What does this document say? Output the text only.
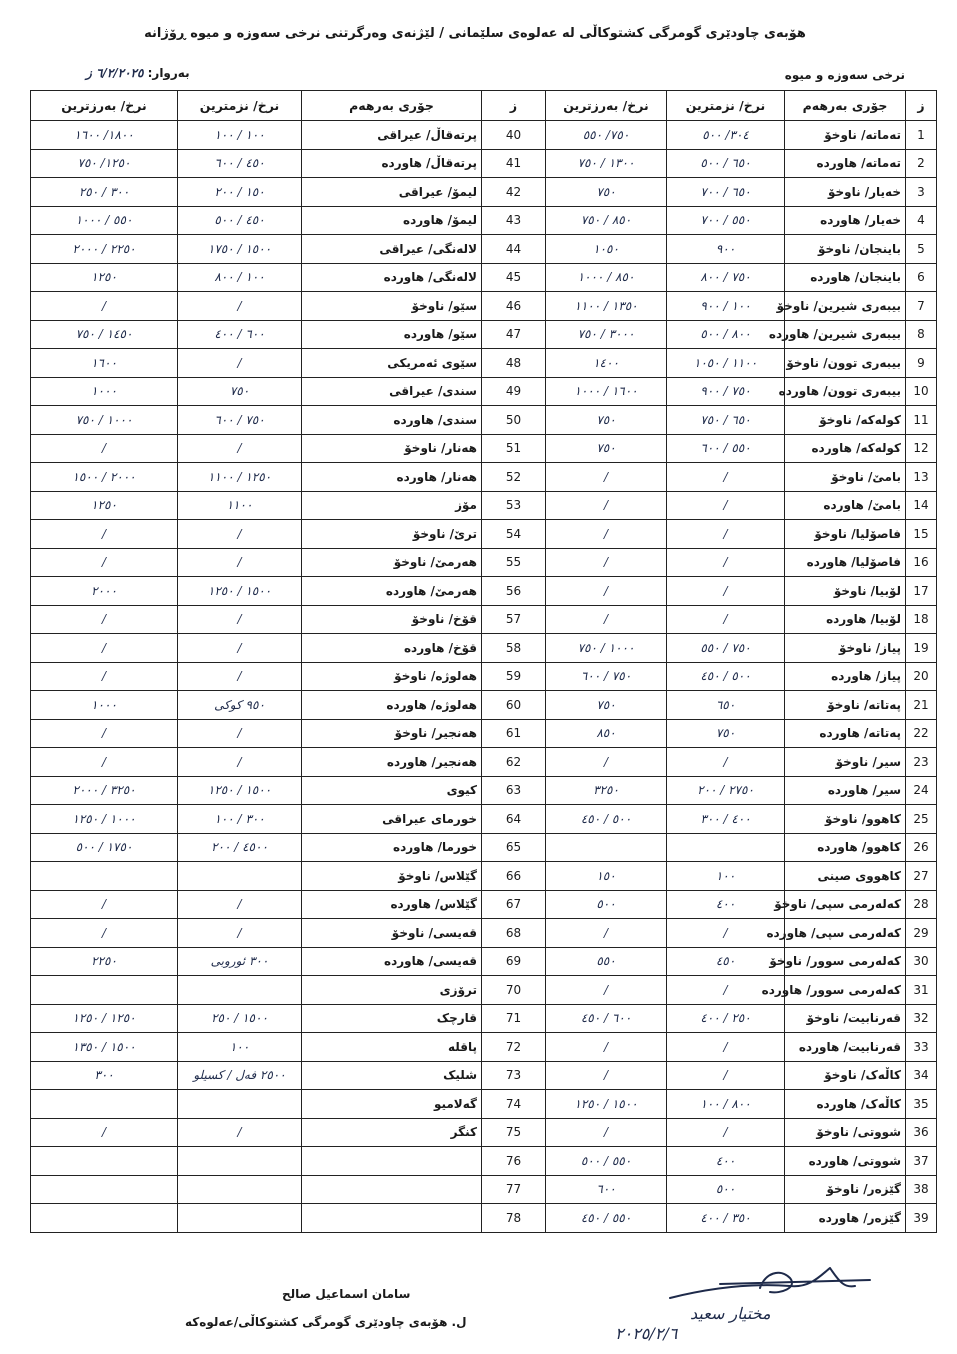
هۆبەی چاودێری گومرگی کشتوکاڵی لە عەلوەی سلێمانی / لێژنەی وەرگرتنی نرخی سەوزە و میوە ڕۆژانە
بەروار: ٦/٢/٢٠٢٥ ز	نرخی سەوزە و میوە
ز	جۆری بەرهەم	نرخ/ نزمترین	نرخ/ بەرزترین	ز	جۆری بەرهەم	نرخ/ نزمترین	نرخ/ بەرزترین
1	تەماتە/ ناوخۆ	٣٠٤/ ٥٠٠	٧٥٠/ ٥٥٠	40	پرتەقاڵ/ عیراقی	١٠٠ / ١٠٠	١٨٠٠/ ١٦٠٠
2	تەماتە/ هاوردە	٦٥٠ / ٥٠٠	١٣٠٠ / ٧٥٠	41	پرتەقاڵ/ هاوردە	٤٥٠ / ٦٠٠	١٢٥٠/ ٧٥٠
3	خەیار/ ناوخۆ	٦٥٠ / ٧٠٠	٧٥٠	42	لیمۆ/ عیراقی	١٥٠ / ٢٠٠	٣٠٠ / ٢٥٠
4	خەیار/ هاوردە	٥٥٠ / ٧٠٠	٨٥٠ / ٧٥٠	43	لیمۆ/ هاوردە	٤٥٠ / ٥٠٠	٥٥٠ / ١٠٠٠
5	باینجان/ ناوخۆ	٩٠٠	١٠٥٠	44	لالەنگی/ عیراقی	١٥٠٠ / ١٧٥٠	٢٢٥٠ / ٢٠٠٠
6	باینجان/ هاوردە	٧٥٠ / ٨٠٠	٨٥٠ / ١٠٠٠	45	لالەنگی/ هاوردە	١٠٠ / ٨٠٠	١٢٥٠
7	بیبەری شیرین/ ناوخۆ	١٠٠ / ٩٠٠	١٣٥٠ / ١١٠٠	46	سێو/ ناوخۆ	/	/
8	بیبەری شیرین/ هاوردە	٨٠٠ / ٥٠٠	٣٠٠٠ / ٧٥٠	47	سێو/ هاوردە	٦٠٠ / ٤٠٠	١٤٥٠ / ٧٥٠
9	بیبەری توون/ ناوخۆ	١١٠٠ / ١٠٥٠	١٤٠٠	48	سێوی ئەمریکی	/	١٦٠٠
10	بیبەری توون/ هاوردە	٧٥٠ / ٩٠٠	١٦٠٠ / ١٠٠٠	49	سندی/ عیراقی	٧٥٠	١٠٠٠
11	کولەکە/ ناوخۆ	٦٥٠ / ٧٥٠	٧٥٠	50	سندی/ هاوردە	٧٥٠ / ٦٠٠	١٠٠٠ / ٧٥٠
12	کولەکە/ هاوردە	٥٥٠ / ٦٠٠	٧٥٠	51	هەنار/ ناوخۆ	/	/
13	بامێ/ ناوخۆ	/	/	52	هەنار/ هاوردە	١٢٥٠ / ١١٠٠	٢٠٠٠ / ١٥٠٠
14	بامێ/ هاوردە	/	/	53	مۆز	١١٠٠	١٢٥٠
15	فاصۆلیا/ ناوخۆ	/	/	54	ترێ/ ناوخۆ	/	/
16	فاصۆلیا/ هاوردە	/	/	55	هەرمێ/ ناوخۆ	/	/
17	لۆبیا/ ناوخۆ	/	/	56	هەرمێ/ هاوردە	١٥٠٠ / ١٢٥٠	٢٠٠٠
18	لۆبیا/ هاوردە	/	/	57	قۆخ/ ناوخۆ	/	/
19	پیاز/ ناوخۆ	٧٥٠ / ٥٥٠	١٠٠٠ / ٧٥٠	58	قۆخ/ هاوردە	/	/
20	پیاز/ هاوردە	٥٠٠ / ٤٥٠	٧٥٠ / ٦٠٠	59	هەلوژە/ ناوخۆ	/	/
21	پەتاتە/ ناوخۆ	٦٥٠	٧٥٠	60	هەلوژە/ هاوردە	٩٥٠ کوکی	١٠٠٠
22	پەتاتە/ هاوردە	٧٥٠	٨٥٠	61	هەنجیر/ ناوخۆ	/	/
23	سیر/ ناوخۆ	/	/	62	هەنجیر/ هاوردە	/	/
24	سیر/ هاوردە	٢٧٥٠ / ٢٠٠	٣٢٥٠	63	کیوی	١٥٠٠ / ١٢٥٠	٣٢٥٠ / ٢٠٠٠
25	کاهوو/ ناوخۆ	٤٠٠ / ٣٠٠	٥٠٠ / ٤٥٠	64	خورمای عیراقی	٣٠٠ / ١٠٠	١٠٠٠ / ١٢٥٠
26	کاهوو/ هاوردە			65	خورما/ هاوردە	٤٥٠٠ / ٢٠٠	١٧٥٠ / ٥٠٠
27	کاهووی صینی	١٠٠	١٥٠	66	گێلاس/ ناوخۆ		
28	کەلەرمی سپی/ ناوخۆ	٤٠٠	٥٠٠	67	گێلاس/ هاوردە	/	/
29	کەلەرمی سپی/ هاوردە	/	/	68	قەیسی/ ناوخۆ	/	/
30	کەلەرمی سوور/ ناوخۆ	٤٥٠	٥٥٠	69	قەیسی/ هاوردە	٣٠٠ ئوروبی	٢٢٥٠
31	کەلەرمی سوور/ هاوردە	/	/	70	ترۆزی		
32	قەرنابیت/ ناوخۆ	٢٥٠ / ٤٠٠	٦٠٠ / ٤٥٠	71	قارچک	١٥٠٠ / ٢٥٠	١٢٥٠ / ١٢٥٠
33	قەرنابیت/ هاوردە	/	/	72	پاقلە	١٠٠	١٥٠٠ / ١٣٥٠
34	کاڵەک/ ناوخۆ	/	/	73	شلیک	٢٥٠٠ فەل / کسیلو	٣٠٠
35	کاڵەک/ هاوردە	٨٠٠ / ١٠٠	١٥٠٠ / ١٢٥٠	74	گەلامیو		
36	شووتی/ ناوخۆ	/	/	75	کنگر	/	/
37	شووتی/ هاوردە	٤٠٠	٥٥٠ / ٥٠٠	76			
38	گێزەر/ ناوخۆ	٥٠٠	٦٠٠	77			
39	گێزەر/ هاوردە	٣٥٠ / ٤٠٠	٥٥٠ / ٤٥٠	78			
سامان اسماعیل صالح
ل. هۆبەی چاودێری گومرگی کشتوکاڵی/عەلوەکە	مختیار سعید
٢٠٢٥/٢/٦
